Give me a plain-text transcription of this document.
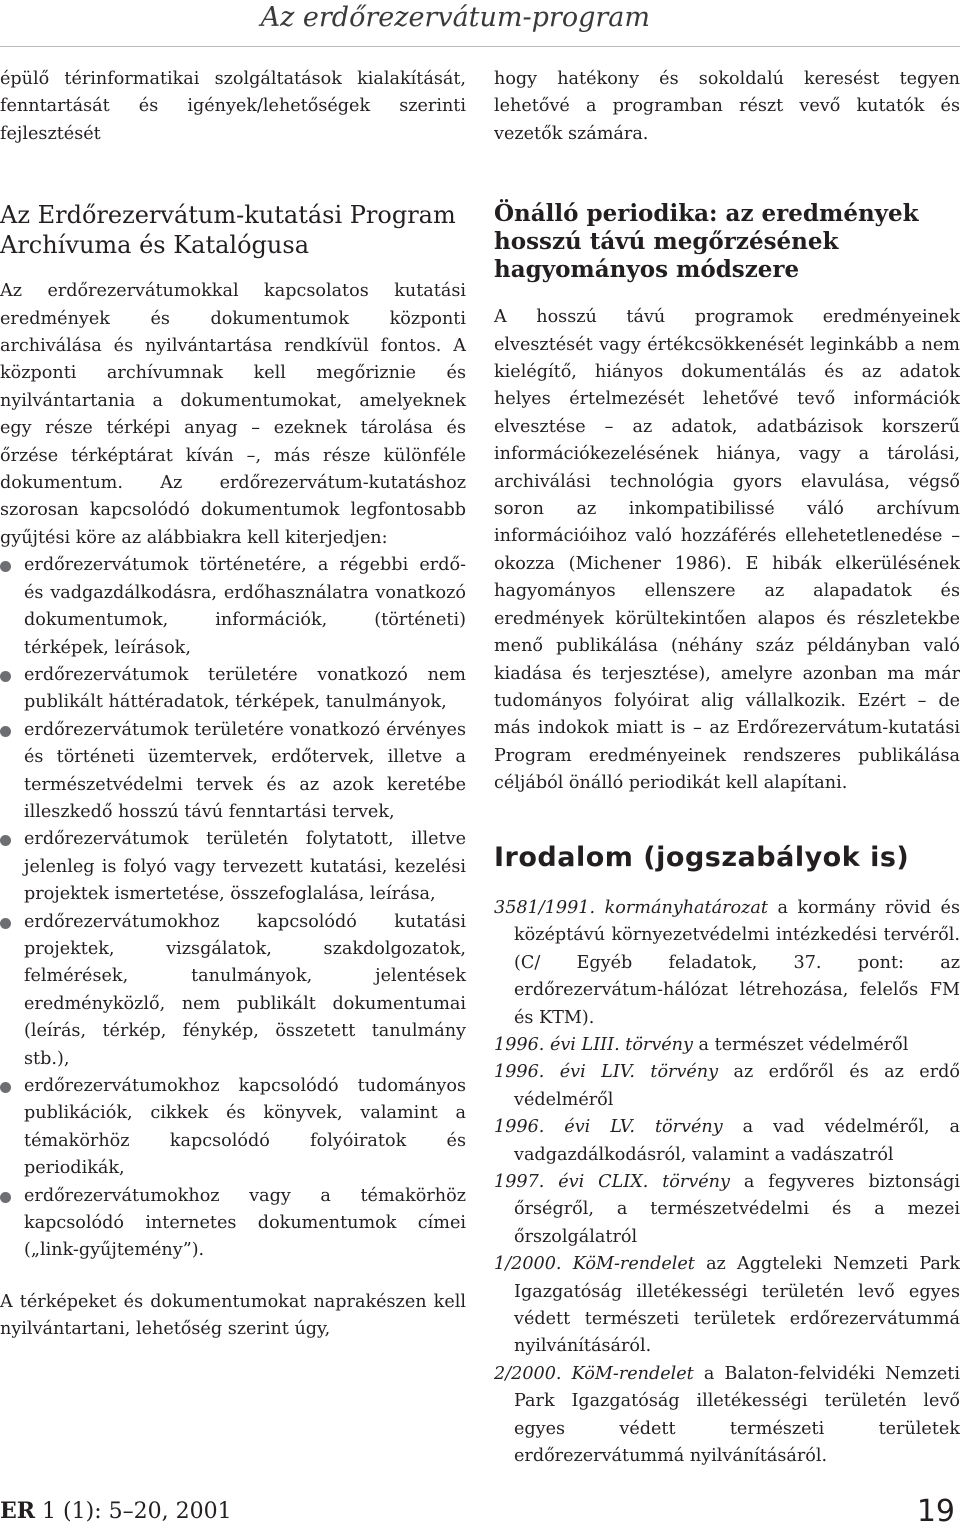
Az erdőrezervátum-program

épülő térinformatikai szolgáltatások kialakítását, fenntartását és igények/lehetőségek szerinti fejlesztését

Az Erdőrezervátum-kutatási Program Archívuma és Katalógusa

Az erdőrezervátumokkal kapcsolatos kutatási eredmények és dokumentumok központi archiválása és nyilvántartása rendkívül fontos. A központi archívumnak kell megőriznie és nyilvántartania a dokumentumokat, amelyeknek egy része térképi anyag – ezeknek tárolása és őrzése térképtárat kíván –, más része különféle dokumentum. Az erdőrezervátum-kutatáshoz szorosan kapcsolódó dokumentumok legfontosabb gyűjtési köre az alábbiakra kell kiterjedjen:

erdőrezervátumok történetére, a régebbi erdő- és vadgazdálkodásra, erdőhasználatra vonatkozó dokumentumok, információk, (történeti) térképek, leírások,
erdőrezervátumok területére vonatkozó nem publikált háttéradatok, térképek, tanulmányok,
erdőrezervátumok területére vonatkozó érvényes és történeti üzemtervek, erdőtervek, illetve a természetvédelmi tervek és az azok keretébe illeszkedő hosszú távú fenntartási tervek,
erdőrezervátumok területén folytatott, illetve jelenleg is folyó vagy tervezett kutatási, kezelési projektek ismertetése, összefoglalása, leírása,
erdőrezervátumokhoz kapcsolódó kutatási projektek, vizsgálatok, szakdolgozatok, felmérések, tanulmányok, jelentések eredményközlő, nem publikált dokumentumai (leírás, térkép, fénykép, összetett tanulmány stb.),
erdőrezervátumokhoz kapcsolódó tudományos publikációk, cikkek és könyvek, valamint a témakörhöz kapcsolódó folyóiratok és periodikák,
erdőrezervátumokhoz vagy a témakörhöz kapcsolódó internetes dokumentumok címei („link-gyűjtemény”).

A térképeket és dokumentumokat naprakészen kell nyilvántartani, lehetőség szerint úgy,

hogy hatékony és sokoldalú keresést tegyen lehetővé a programban részt vevő kutatók és vezetők számára.

Önálló periodika: az eredmények hosszú távú megőrzésének hagyományos módszere

A hosszú távú programok eredményeinek elvesztését vagy értékcsökkenését leginkább a nem kielégítő, hiányos dokumentálás és az adatok helyes értelmezését lehetővé tevő információk elvesztése – az adatok, adatbázisok korszerű információkezelésének hiánya, vagy a tárolási, archiválási technológia gyors elavulása, végső soron az inkompatibilissé váló archívum információihoz való hozzáférés ellehetetlenedése – okozza (Michener 1986). E hibák elkerülésének hagyományos ellenszere az alapadatok és eredmények körültekintően alapos és részletekbe menő publikálása (néhány száz példányban való kiadása és terjesztése), amelyre azonban ma már tudományos folyóirat alig vállalkozik. Ezért – de más indokok miatt is – az Erdőrezervátum-kutatási Program eredményeinek rendszeres publikálása céljából önálló periodikát kell alapítani.

Irodalom (jogszabályok is)
3581/1991. kormányhatározat a kormány rövid és középtávú környezetvédelmi intézkedési tervéről. (C/ Egyéb feladatok, 37. pont: az erdőrezervátum-hálózat létrehozása, felelős FM és KTM).
1996. évi LIII. törvény a természet védelméről
1996. évi LIV. törvény az erdőről és az erdő védelméről
1996. évi LV. törvény a vad védelméről, a vadgazdálkodásról, valamint a vadászatról
1997. évi CLIX. törvény a fegyveres biztonsági őrségről, a természetvédelmi és a mezei őrszolgálatról
1/2000. KöM-rendelet az Aggteleki Nemzeti Park Igazgatóság illetékességi területén levő egyes védett természeti területek erdőrezervátummá nyilvánításáról.
2/2000. KöM-rendelet a Balaton-felvidéki Nemzeti Park Igazgatóság illetékességi területén levő egyes védett természeti területek erdőrezervátummá nyilvánításáról.
ER 1 (1): 5–20, 2001	19
